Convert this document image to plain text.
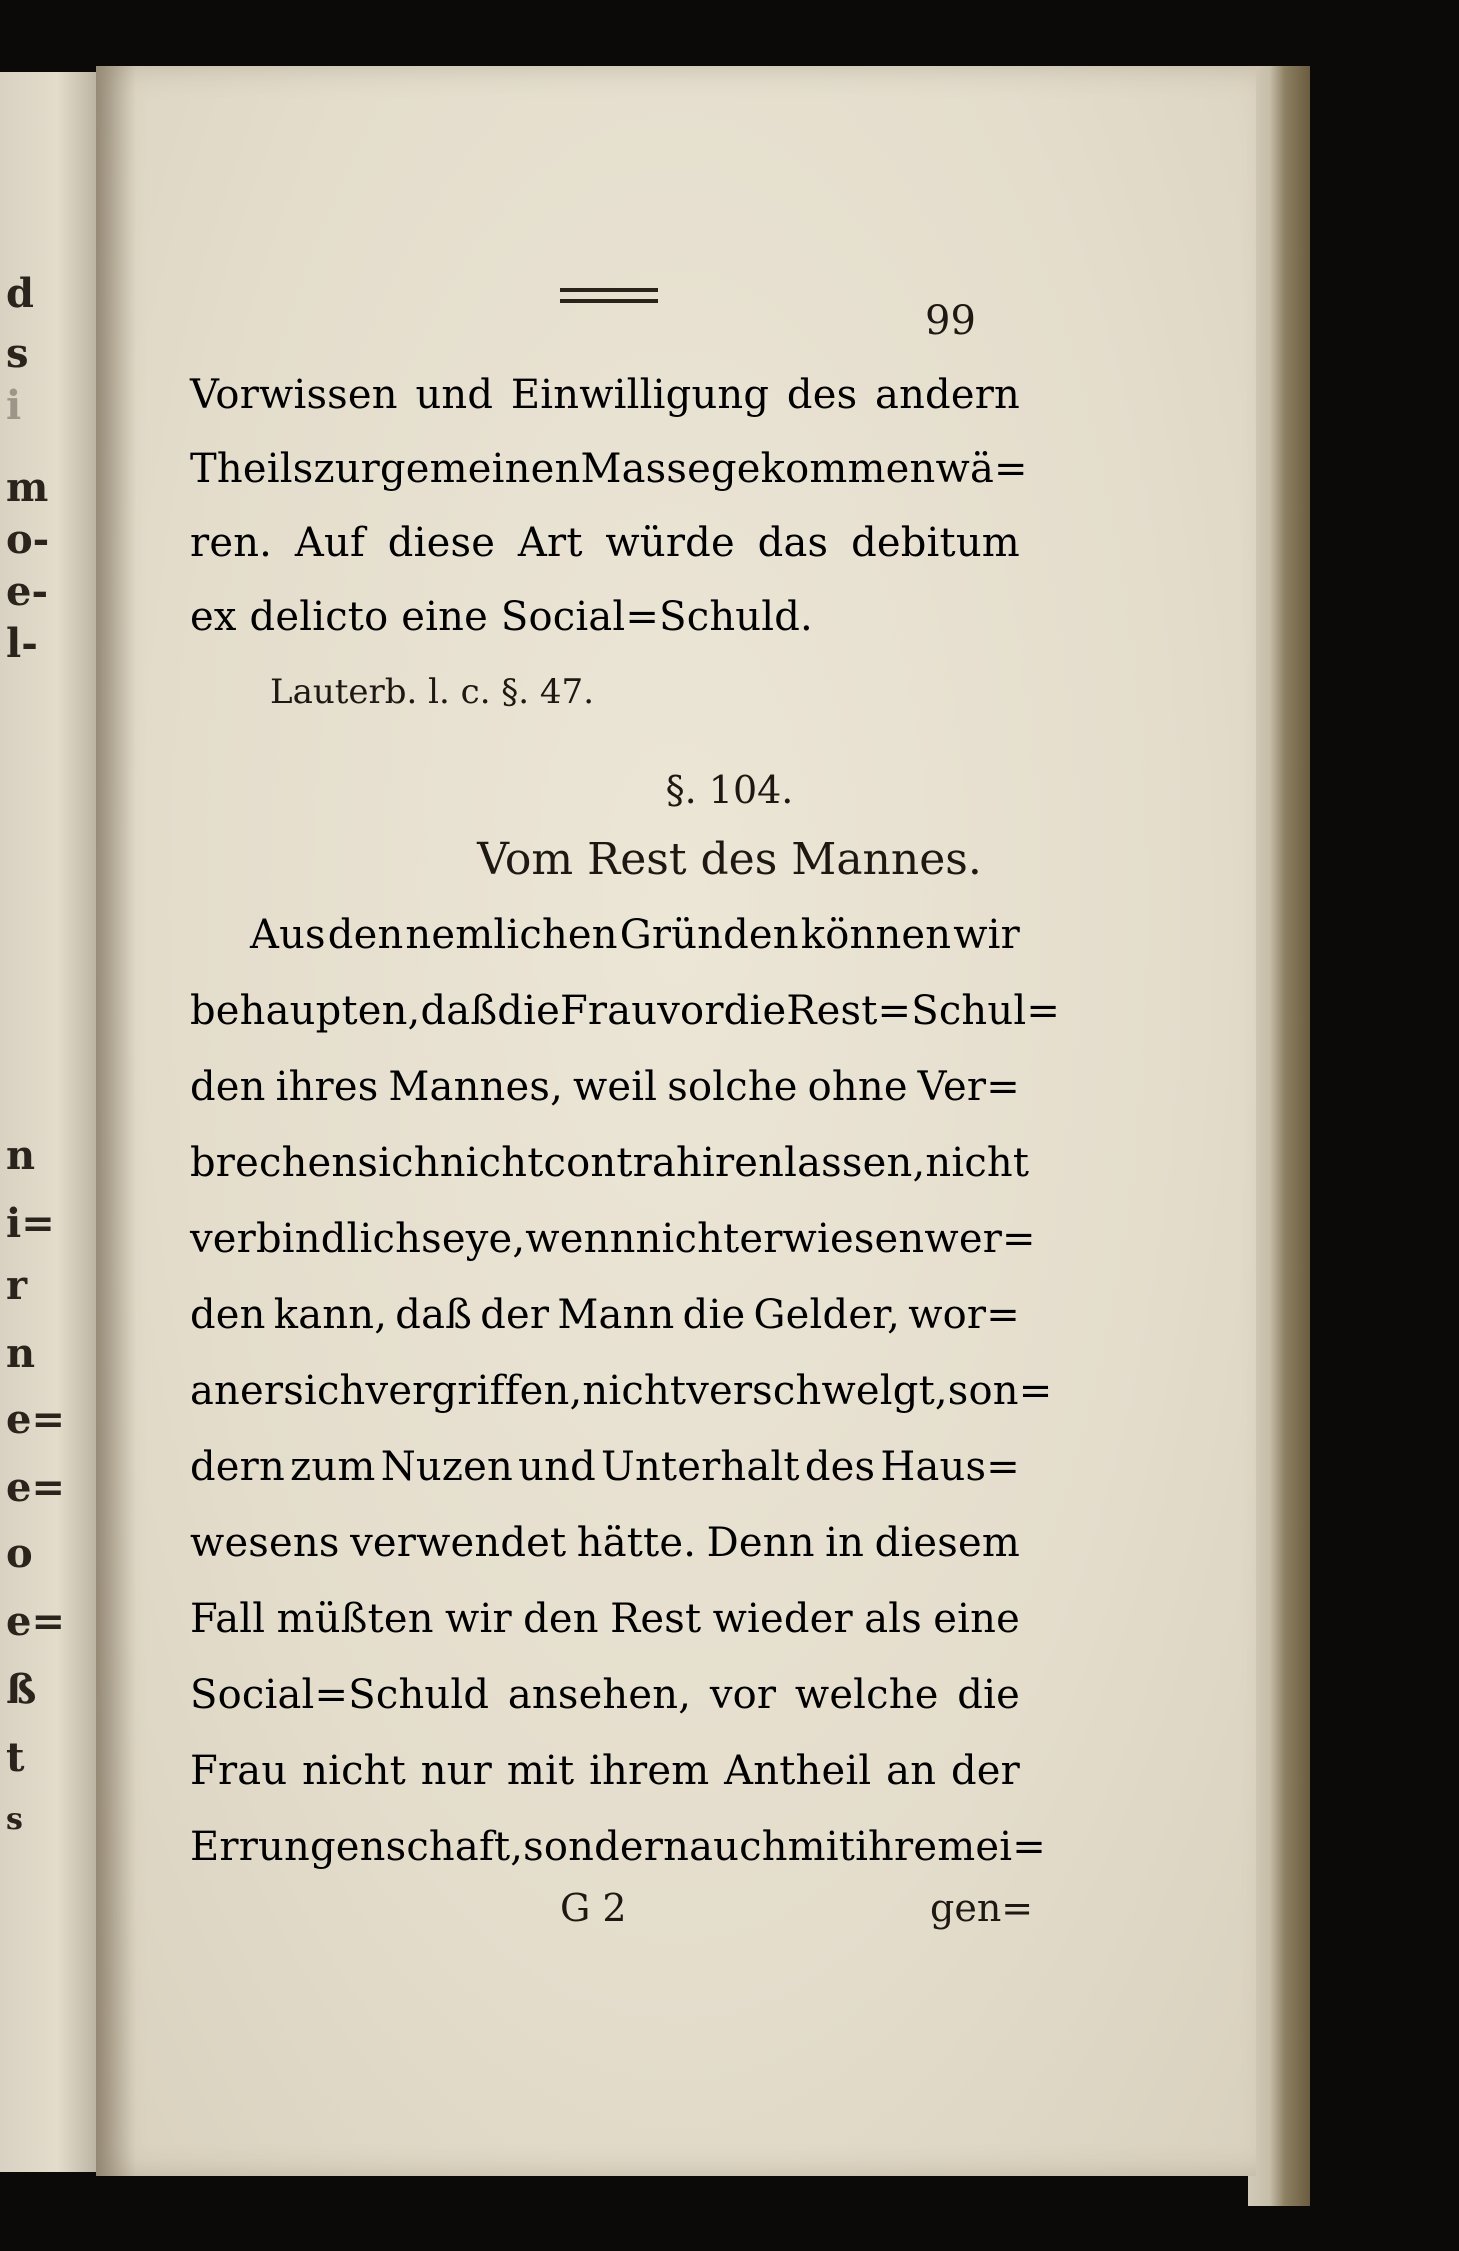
d
s
i
m
o-
e-
l-
n
i=
r
n
e=
e=
o
e=
ß
t
s
99
Vorwissen und Einwilligung des andern
Theils zur gemeinen Masse gekommen wä=
ren. Auf diese Art würde das debitum
ex delicto eine Social=Schuld.
Lauterb. l. c. §. 47.
§. 104.
Vom Rest des Mannes.
Aus den nemlichen Gründen können wir
behaupten, daß die Frau vor die Rest=Schul=
den ihres Mannes, weil solche ohne Ver=
brechen sich nicht contrahiren lassen, nicht
verbindlich seye, wenn nicht erwiesen wer=
den kann, daß der Mann die Gelder, wor=
an er sich vergriffen, nicht verschwelgt, son=
dern zum Nuzen und Unterhalt des Haus=
wesens verwendet hätte. Denn in diesem
Fall müßten wir den Rest wieder als eine
Social=Schuld ansehen, vor welche die
Frau nicht nur mit ihrem Antheil an der
Errungenschaft, sondern auch mit ihrem ei=
G 2	gen=
